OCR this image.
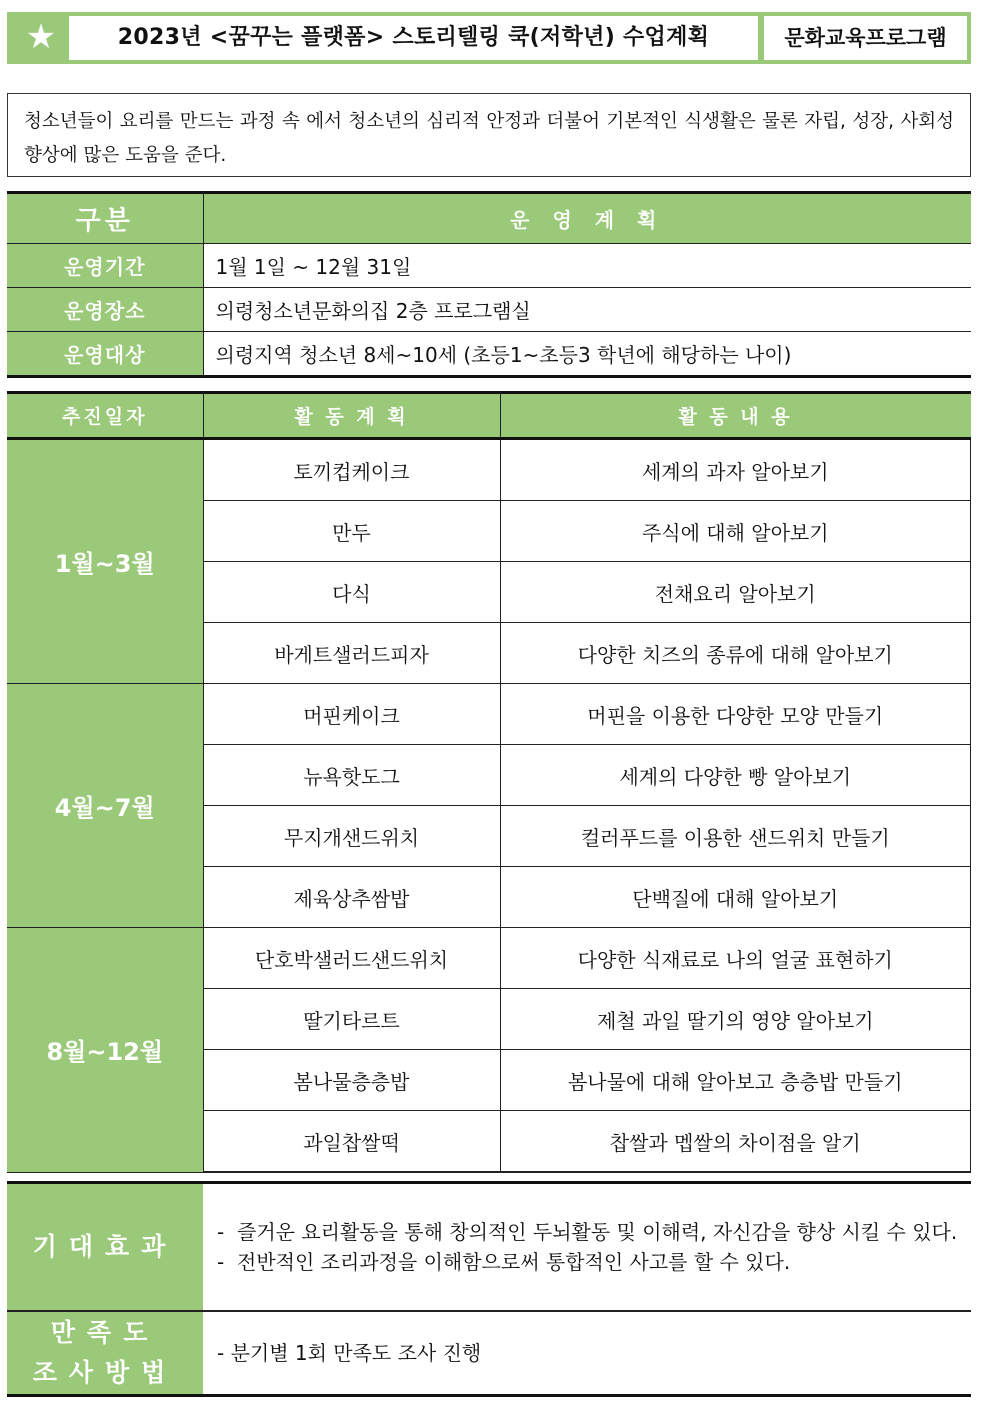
★	2023년 <꿈꾸는 플랫폼> 스토리텔링 쿡(저학년) 수업계획	문화교육프로그램
청소년들이 요리를 만드는 과정 속 에서 청소년의 심리적 안정과 더불어 기본적인 식생활은 물론 자립, 성장, 사회성 향상에 많은 도움을 준다.
구분	운 영 계 획
운영기간	1월 1일 ~ 12월 31일
운영장소	의령청소년문화의집 2층 프로그램실
운영대상	의령지역 청소년 8세~10세 (초등1~초등3 학년에 해당하는 나이)
추진일자	활 동 계 획	활 동 내 용
1월~3월	토끼컵케이크	세계의 과자 알아보기
	만두	주식에 대해 알아보기
	다식	전채요리 알아보기
	바게트샐러드피자	다양한 치즈의 종류에 대해 알아보기
4월~7월	머핀케이크	머핀을 이용한 다양한 모양 만들기
	뉴욕핫도그	세계의 다양한 빵 알아보기
	무지개샌드위치	컬러푸드를 이용한 샌드위치 만들기
	제육상추쌈밥	단백질에 대해 알아보기
8월~12월	단호박샐러드샌드위치	다양한 식재료로 나의 얼굴 표현하기
	딸기타르트	제철 과일 딸기의 영양 알아보기
	봄나물층층밥	봄나물에 대해 알아보고 층층밥 만들기
	과일찹쌀떡	찹쌀과 멥쌀의 차이점을 알기
기대효과	- 즐거운 요리활동을 통해 창의적인 두뇌활동 및 이해력, 자신감을 향상 시킬 수 있다.
- 전반적인 조리과정을 이해함으로써 통합적인 사고를 할 수 있다.

만족도
조사방법	- 분기별 1회 만족도 조사 진행
